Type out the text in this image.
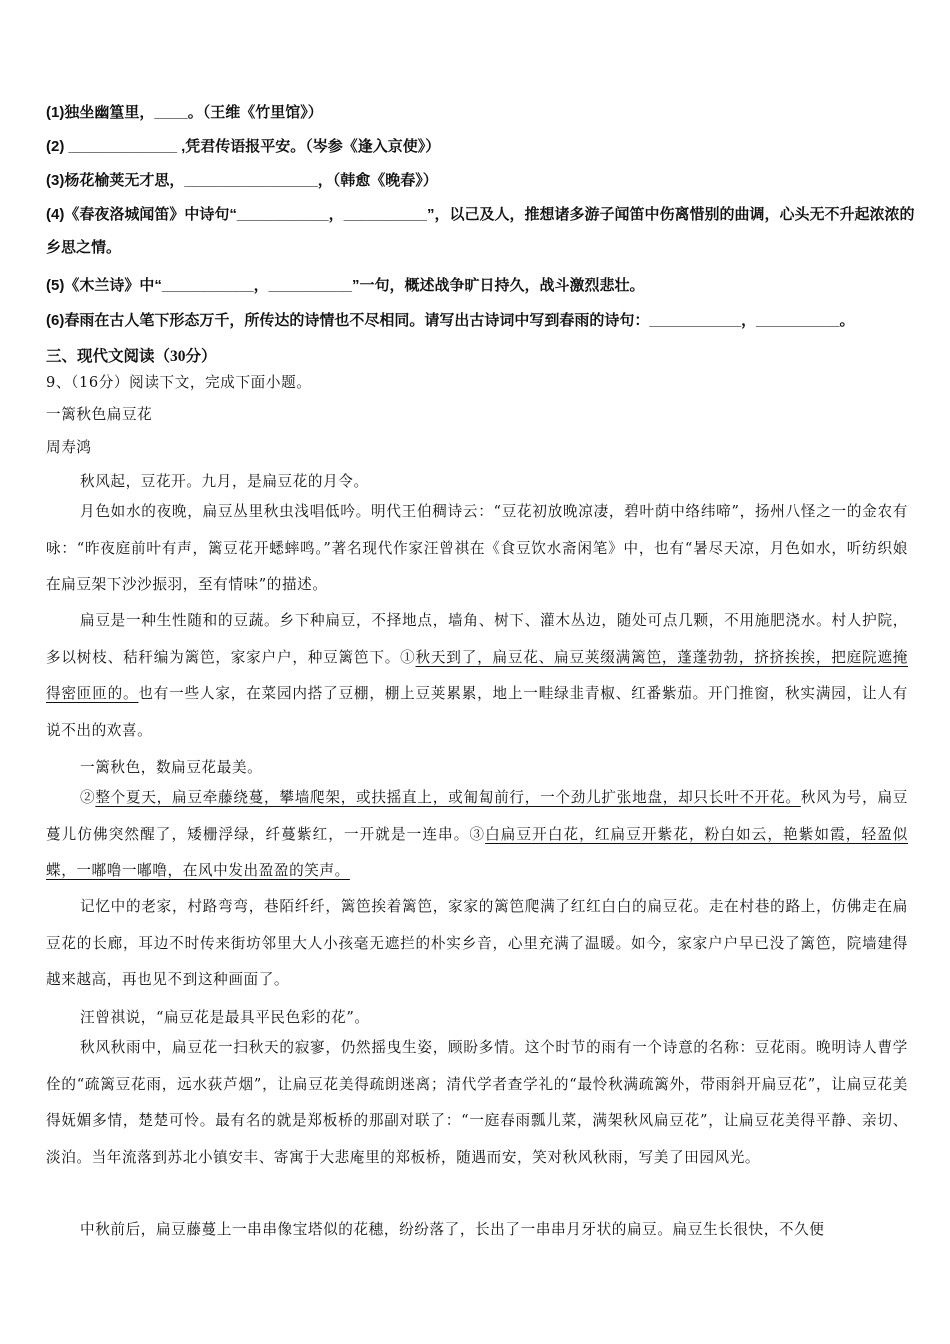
(1)独坐幽篁里，____。（王维《竹里馆》）
(2) _____________ ,凭君传语报平安。（岑参《逢入京使》）
(3)杨花榆荚无才思，________________，（韩愈《晚春》）
(4)《春夜洛城闻笛》中诗句“___________，__________”，以己及人，推想诸多游子闻笛中伤离惜别的曲调，心头无不升起浓浓的乡思之情。
(5)《木兰诗》中“___________，__________”一句，概述战争旷日持久，战斗激烈悲壮。
(6)春雨在古人笔下形态万千，所传达的诗情也不尽相同。请写出古诗词中写到春雨的诗句：___________，__________。
三、现代文阅读（30分）
9、（16分）阅读下文，完成下面小题。
一篱秋色扁豆花
周寿鸿
秋风起，豆花开。九月，是扁豆花的月令。
月色如水的夜晚，扁豆丛里秋虫浅唱低吟。明代王伯稠诗云：“豆花初放晚凉凄，碧叶荫中络纬啼”，扬州八怪之一的金农有咏：“昨夜庭前叶有声，篱豆花开蟋蟀鸣。”著名现代作家汪曾祺在《食豆饮水斋闲笔》中，也有“暑尽天凉，月色如水，听纺织娘在扁豆架下沙沙振羽，至有情味”的描述。
扁豆是一种生性随和的豆蔬。乡下种扁豆，不择地点，墙角、树下、灌木丛边，随处可点几颗，不用施肥浇水。村人护院，多以树枝、秸秆编为篱笆，家家户户，种豆篱笆下。①秋天到了，扁豆花、扁豆荚缀满篱笆，蓬蓬勃勃，挤挤挨挨，把庭院遮掩得密匝匝的。也有一些人家，在菜园内搭了豆棚，棚上豆荚累累，地上一畦绿韭青椒、红番紫茄。开门推窗，秋实满园，让人有说不出的欢喜。
一篱秋色，数扁豆花最美。
②整个夏天，扁豆牵藤绕蔓，攀墙爬架，或扶摇直上，或匍匐前行，一个劲儿扩张地盘，却只长叶不开花。秋风为号，扁豆蔓儿仿佛突然醒了，矮栅浮绿，纤蔓紫红，一开就是一连串。③白扁豆开白花，红扁豆开紫花，粉白如云，艳紫如霞，轻盈似蝶，一嘟噜一嘟噜，在风中发出盈盈的笑声。
记忆中的老家，村路弯弯，巷陌纤纤，篱笆挨着篱笆，家家的篱笆爬满了红红白白的扁豆花。走在村巷的路上，仿佛走在扁豆花的长廊，耳边不时传来街坊邻里大人小孩毫无遮拦的朴实乡音，心里充满了温暖。如今，家家户户早已没了篱笆，院墙建得越来越高，再也见不到这种画面了。
汪曾祺说，“扁豆花是最具平民色彩的花”。
秋风秋雨中，扁豆花一扫秋天的寂寥，仍然摇曳生姿，顾盼多情。这个时节的雨有一个诗意的名称：豆花雨。晚明诗人曹学佺的“疏篱豆花雨，远水荻芦烟”，让扁豆花美得疏朗迷离；清代学者查学礼的“最怜秋满疏篱外，带雨斜开扁豆花”，让扁豆花美得妩媚多情，楚楚可怜。最有名的就是郑板桥的那副对联了：“一庭春雨瓢儿菜，满架秋风扁豆花”，让扁豆花美得平静、亲切、淡泊。当年流落到苏北小镇安丰、寄寓于大悲庵里的郑板桥，随遇而安，笑对秋风秋雨，写美了田园风光。
中秋前后，扁豆藤蔓上一串串像宝塔似的花穗，纷纷落了，长出了一串串月牙状的扁豆。扁豆生长很快，不久便
